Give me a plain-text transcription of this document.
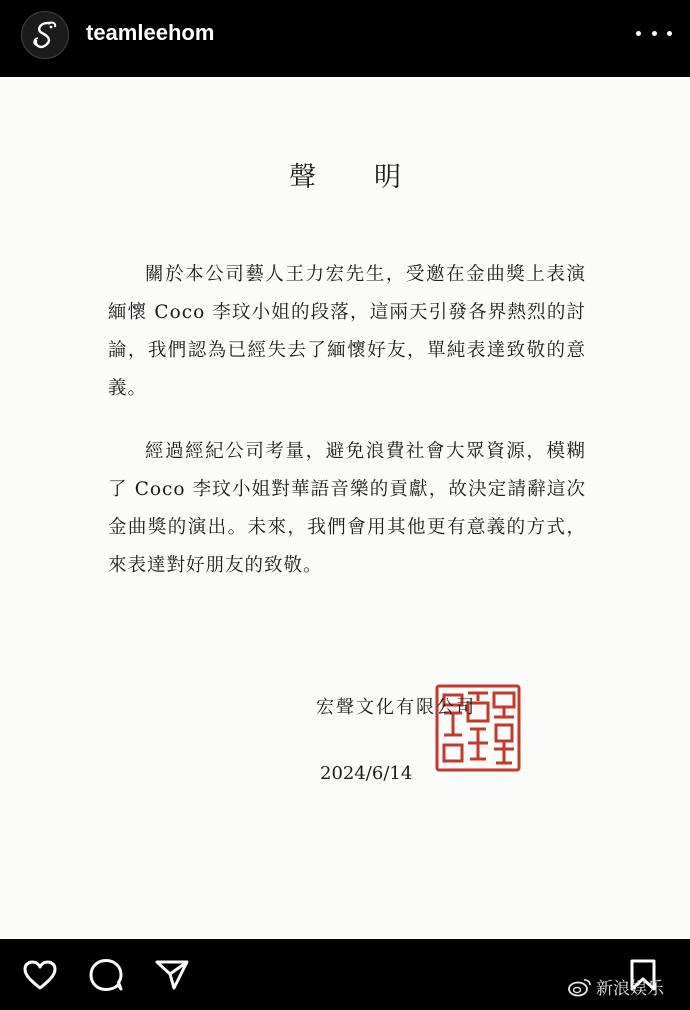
teamleehom
聲明
關於本公司藝人王力宏先生，受邀在金曲獎上表演緬懷 Coco 李玟小姐的段落，這兩天引發各界熱烈的討論，我們認為已經失去了緬懷好友，單純表達致敬的意義。
經過經紀公司考量，避免浪費社會大眾資源，模糊了 Coco 李玟小姐對華語音樂的貢獻，故決定請辭這次金曲獎的演出。未來，我們會用其他更有意義的方式，來表達對好朋友的致敬。
宏聲文化有限公司
2024/6/14
新浪娱乐
